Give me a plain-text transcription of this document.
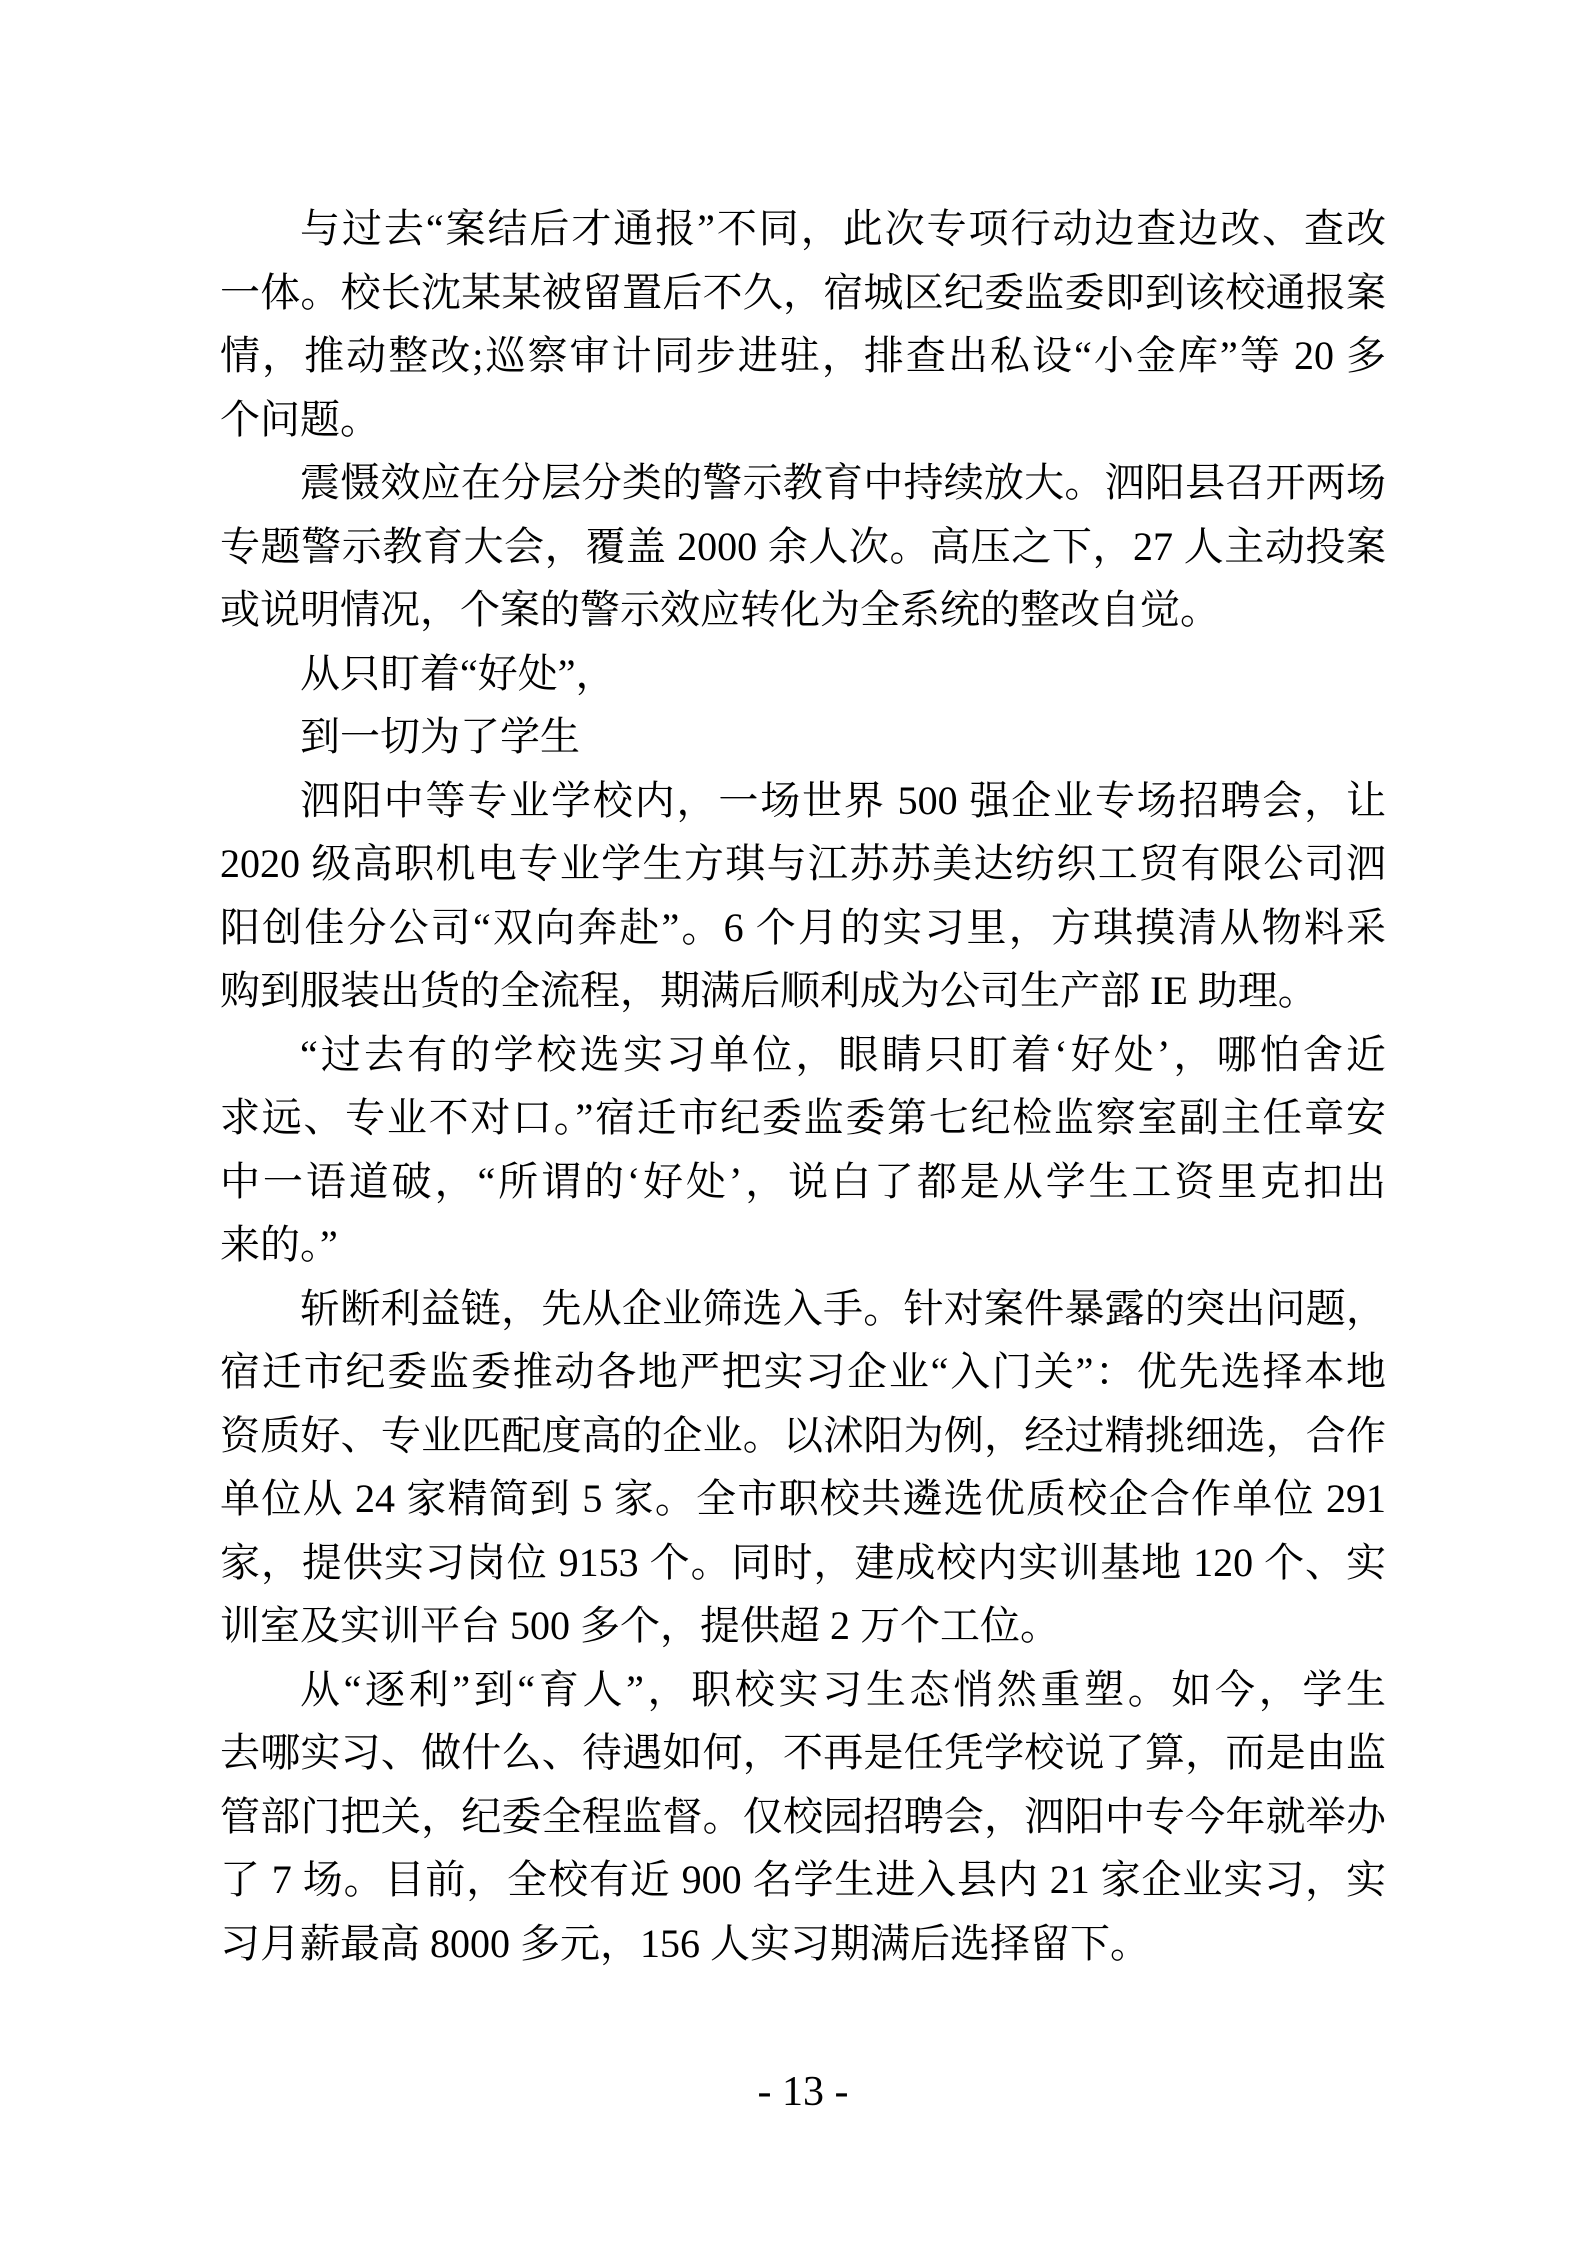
与过去“案结后才通报”不同，此次专项行动边查边改、查改
一体。校长沈某某被留置后不久，宿城区纪委监委即到该校通报案
情，推动整改;巡察审计同步进驻，排查出私设“小金库”等 20 多
个问题。
震慑效应在分层分类的警示教育中持续放大。泗阳县召开两场
专题警示教育大会，覆盖 2000 余人次。高压之下，27 人主动投案
或说明情况，个案的警示效应转化为全系统的整改自觉。
从只盯着“好处”，
到一切为了学生
泗阳中等专业学校内，一场世界 500 强企业专场招聘会，让
2020 级高职机电专业学生方琪与江苏苏美达纺织工贸有限公司泗
阳创佳分公司“双向奔赴”。6 个月的实习里，方琪摸清从物料采
购到服装出货的全流程，期满后顺利成为公司生产部 IE 助理。
“过去有的学校选实习单位，眼睛只盯着‘好处’，哪怕舍近
求远、专业不对口。”宿迁市纪委监委第七纪检监察室副主任章安
中一语道破，“所谓的‘好处’，说白了都是从学生工资里克扣出
来的。”
斩断利益链，先从企业筛选入手。针对案件暴露的突出问题，
宿迁市纪委监委推动各地严把实习企业“入门关”：优先选择本地
资质好、专业匹配度高的企业。以沭阳为例，经过精挑细选，合作
单位从 24 家精简到 5 家。全市职校共遴选优质校企合作单位 291
家，提供实习岗位 9153 个。同时，建成校内实训基地 120 个、实
训室及实训平台 500 多个，提供超 2 万个工位。
从“逐利”到“育人”，职校实习生态悄然重塑。如今，学生
去哪实习、做什么、待遇如何，不再是任凭学校说了算，而是由监
管部门把关，纪委全程监督。仅校园招聘会，泗阳中专今年就举办
了 7 场。目前，全校有近 900 名学生进入县内 21 家企业实习，实
习月薪最高 8000 多元，156 人实习期满后选择留下。
- 13 -
